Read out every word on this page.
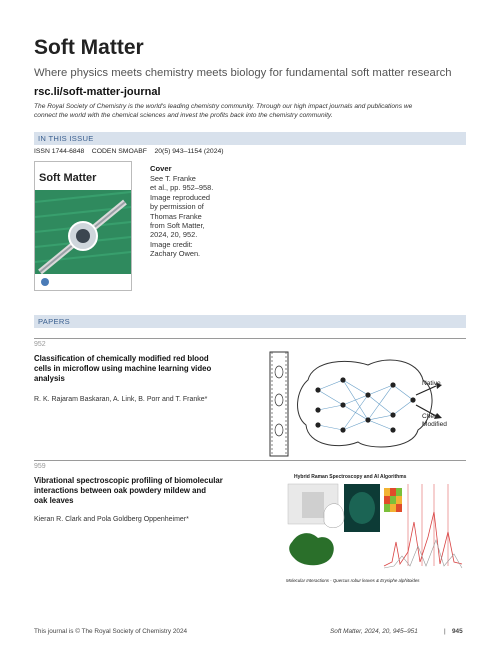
Soft Matter
Where physics meets chemistry meets biology for fundamental soft matter research
rsc.li/soft-matter-journal
The Royal Society of Chemistry is the world's leading chemistry community. Through our high impact journals and publications we
connect the world with the chemical sciences and invest the profits back into the chemistry community.
IN THIS ISSUE
ISSN 1744-6848    CODEN SMOABF    20(5) 943–1154 (2024)
Soft Matter
Cover
See T. Franke
et al., pp. 952–958.
Image reproduced
by permission of
Thomas Franke
from Soft Matter,
2024, 20, 952.
Image credit:
Zachary Owen.
PAPERS
952
Classification of chemically modified red blood
cells in microflow using machine learning video
analysis
R. K. Rajaram Baskaran, A. Link, B. Porr and T. Franke*
Native
Chem.
Modified
959
Vibrational spectroscopic profiling of biomolecular
interactions between oak powdery mildew and
oak leaves
Kieran R. Clark and Pola Goldberg Oppenheimer*
Hybrid Raman Spectroscopy and AI Algorithms
Molecular Interactions - Quercus robur leaves & Erysiphe alphitoides
This journal is © The Royal Society of Chemistry 2024	Soft Matter, 2024, 20, 945–951	| 945
